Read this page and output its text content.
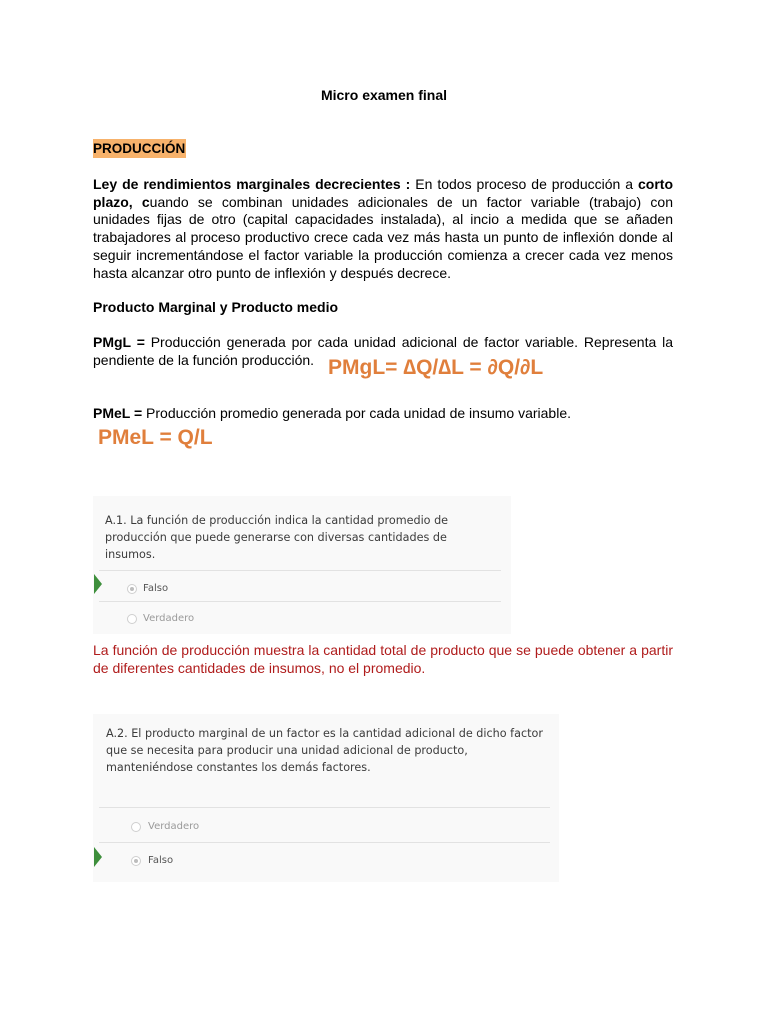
Micro examen final
PRODUCCIÓN
Ley de rendimientos marginales decrecientes : En todos proceso de producción a corto plazo, cuando se combinan unidades adicionales de un factor variable (trabajo) con unidades fijas de otro (capital capacidades instalada), al incio a medida que se añaden trabajadores al proceso productivo crece cada vez más hasta un punto de inflexión donde al seguir incrementándose el factor variable la producción comienza a crecer cada vez menos hasta alcanzar otro punto de inflexión y después decrece.
Producto Marginal y Producto medio
PMgL = Producción generada por cada unidad adicional de factor variable. Representa la pendiente de la función producción. PMgL= ∆Q/∆L = ∂Q/∂L
PMeL = Producción promedio generada por cada unidad de insumo variable.
PMeL = Q/L
A.1. La función de producción indica la cantidad promedio de producción que puede generarse con diversas cantidades de insumos.
Falso
Verdadero
La función de producción muestra la cantidad total de producto que se puede obtener a partir de diferentes cantidades de insumos, no el promedio.
A.2. El producto marginal de un factor es la cantidad adicional de dicho factor que se necesita para producir una unidad adicional de producto, manteniéndose constantes los demás factores.
Verdadero
Falso
